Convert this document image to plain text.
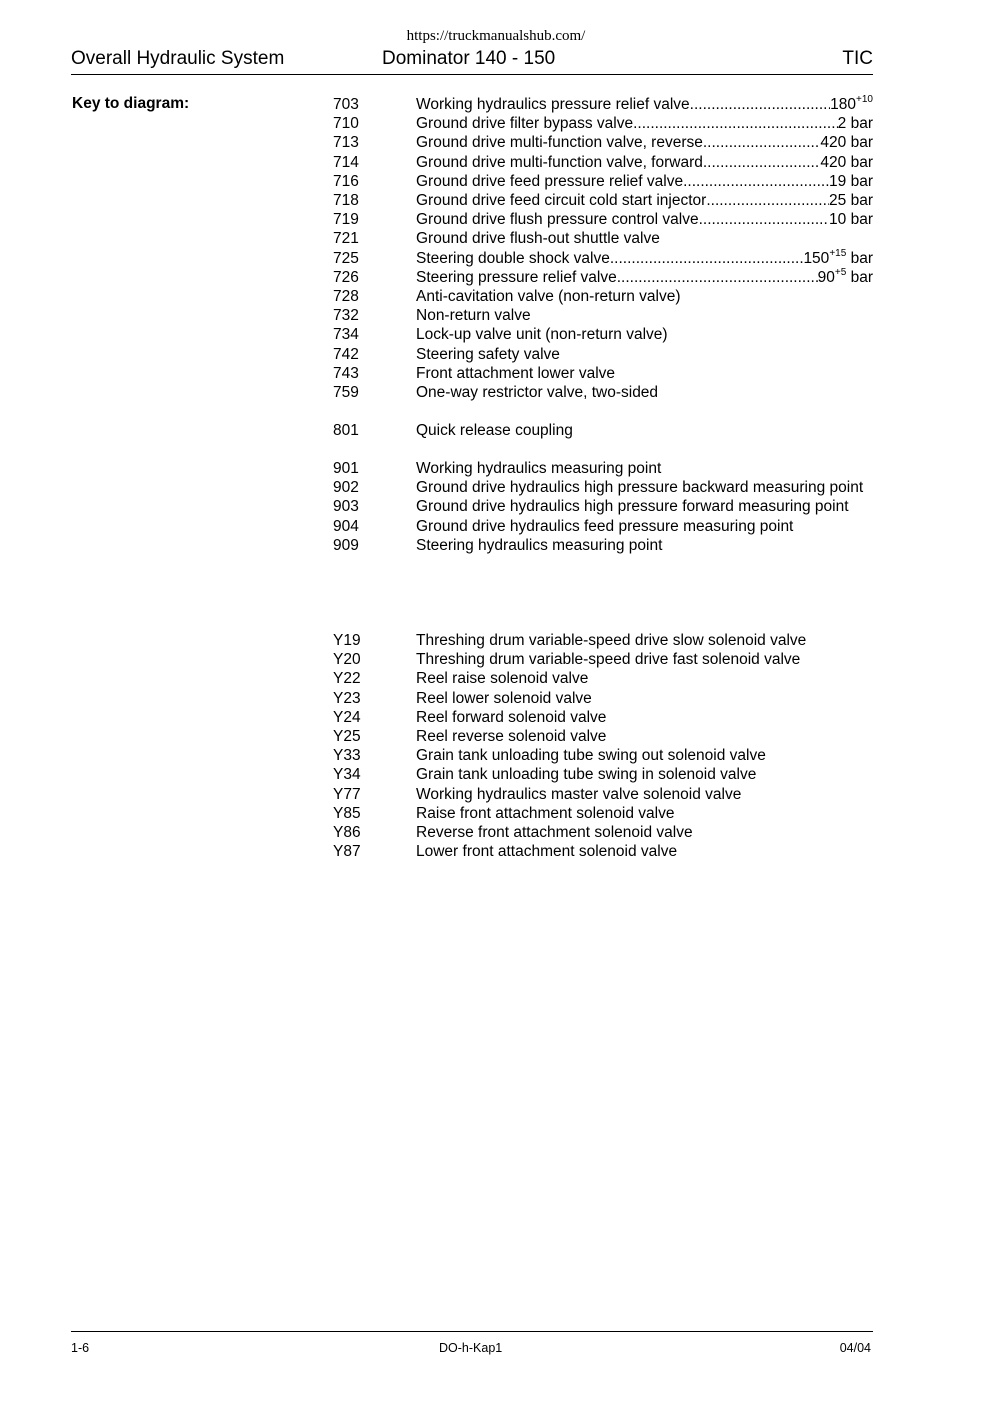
https://truckmanualshub.com/
Overall Hydraulic System	Dominator 140 - 150	TIC
Key to diagram:	703	Working hydraulics pressure relief valve .....	$180^{+10}$
710	Ground drive filter bypass valve .....	2 bar
713	Ground drive multi-function valve, reverse .....	420 bar
714	Ground drive multi-function valve, forward .....	420 bar
716	Ground drive feed pressure relief valve .....	19 bar
718	Ground drive feed circuit cold start injector .....	25 bar
719	Ground drive flush pressure control valve .....	10 bar
721	Ground drive flush-out shuttle valve
725	Steering double shock valve .....	$150^{+15}$ bar
726	Steering pressure relief valve .....	$90^{+5}$ bar
728	Anti-cavitation valve (non-return valve)
732	Non-return valve
734	Lock-up valve unit (non-return valve)
742	Steering safety valve
743	Front attachment lower valve
759	One-way restrictor valve, two-sided
801	Quick release coupling
901	Working hydraulics measuring point
902	Ground drive hydraulics high pressure backward measuring point
903	Ground drive hydraulics high pressure forward measuring point
904	Ground drive hydraulics feed pressure measuring point
909	Steering hydraulics measuring point
Y19	Threshing drum variable-speed drive slow solenoid valve
Y20	Threshing drum variable-speed drive fast solenoid valve
Y22	Reel raise solenoid valve
Y23	Reel lower solenoid valve
Y24	Reel forward solenoid valve
Y25	Reel reverse solenoid valve
Y33	Grain tank unloading tube swing out solenoid valve
Y34	Grain tank unloading tube swing in solenoid valve
Y77	Working hydraulics master valve solenoid valve
Y85	Raise front attachment solenoid valve
Y86	Reverse front attachment solenoid valve
Y87	Lower front attachment solenoid valve
1-6	DO-h-Kap1	04/04
